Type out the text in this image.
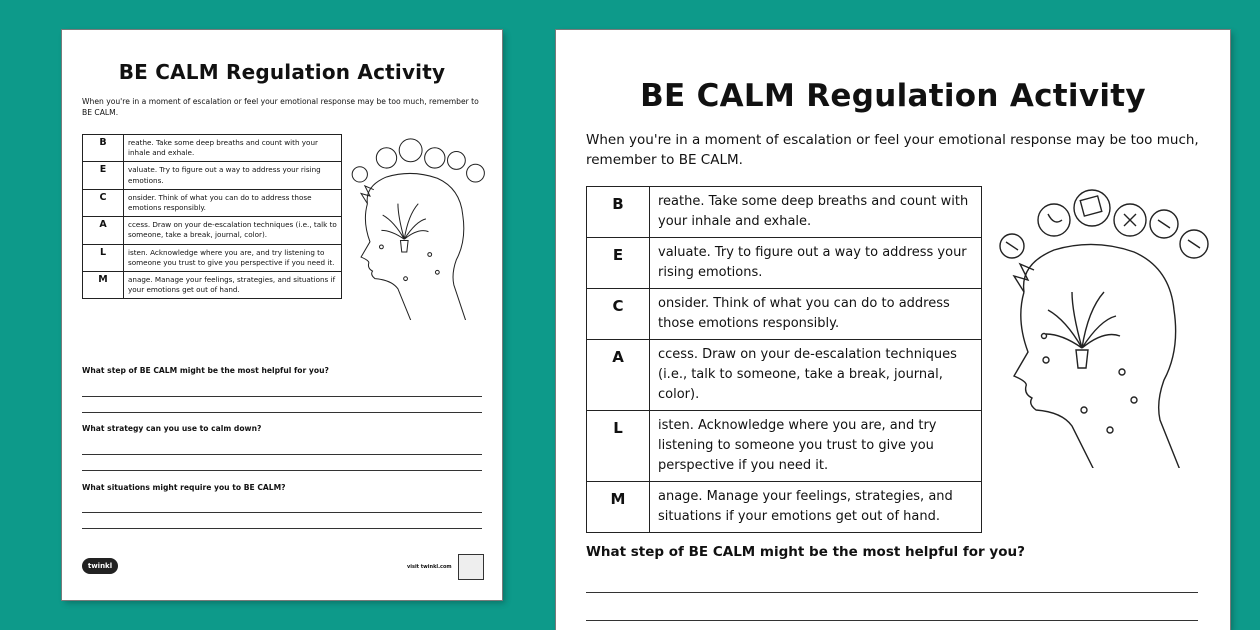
BE CALM Regulation Activity
When you're in a moment of escalation or feel your emotional response may be too much, remember to BE CALM.
B	reathe. Take some deep breaths and count with your inhale and exhale.
E	valuate. Try to figure out a way to address your rising emotions.
C	onsider. Think of what you can do to address those emotions responsibly.
A	ccess. Draw on your de-escalation techniques (i.e., talk to someone, take a break, journal, color).
L	isten. Acknowledge where you are, and try listening to someone you trust to give you perspective if you need it.
M	anage. Manage your feelings, strategies, and situations if your emotions get out of hand.
What step of BE CALM might be the most helpful for you?
What strategy can you use to calm down?
What situations might require you to BE CALM?
twinkl	visit twinkl.com
BE CALM Regulation Activity
When you're in a moment of escalation or feel your emotional response may be too much, remember to BE CALM.
B	reathe. Take some deep breaths and count with your inhale and exhale.
E	valuate. Try to figure out a way to address your rising emotions.
C	onsider. Think of what you can do to address those emotions responsibly.
A	ccess. Draw on your de-escalation techniques (i.e., talk to someone, take a break, journal, color).
L	isten. Acknowledge where you are, and try listening to someone you trust to give you perspective if you need it.
M	anage. Manage your feelings, strategies, and situations if your emotions get out of hand.
What step of BE CALM might be the most helpful for you?
